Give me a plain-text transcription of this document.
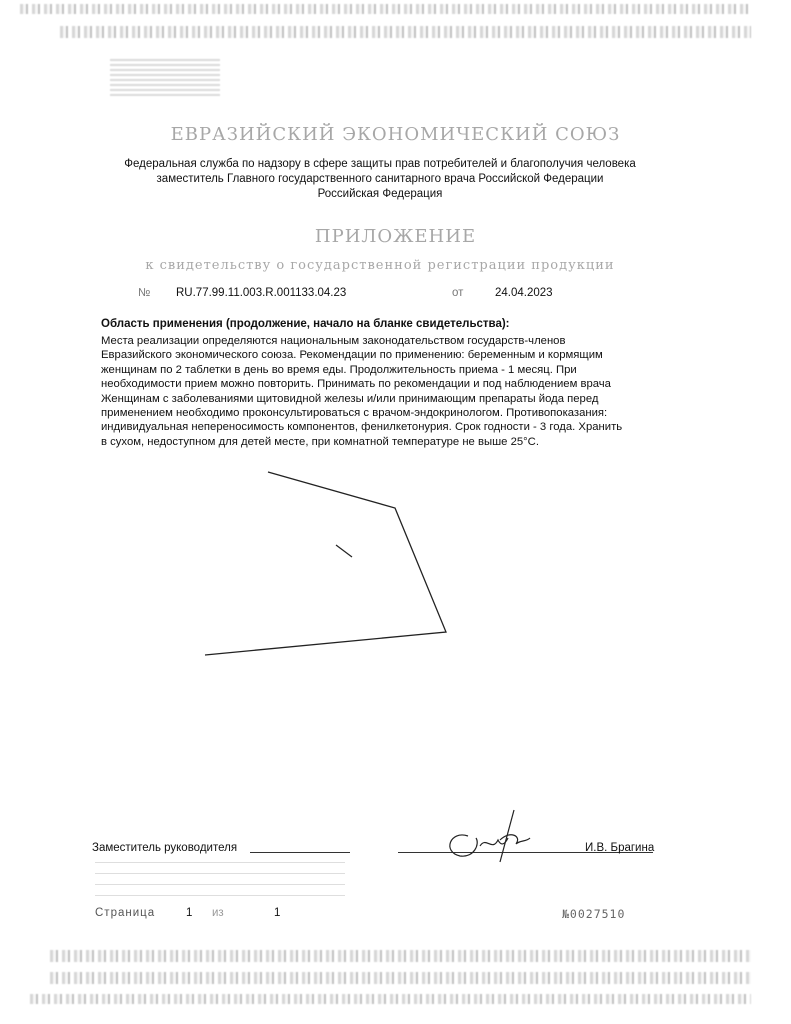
ЕВРАЗИЙСКИЙ ЭКОНОМИЧЕСКИЙ СОЮЗ
Федеральная служба по надзору в сфере защиты прав потребителей и благополучия человека
заместитель Главного государственного санитарного врача Российской Федерации
Российская Федерация
ПРИЛОЖЕНИЕ
к свидетельству о государственной регистрации продукции
№ RU.77.99.11.003.R.001133.04.23	от	24.04.2023
Область применения (продолжение, начало на бланке свидетельства):
Места реализации определяются национальным законодательством государств-членов
Евразийского экономического союза. Рекомендации по применению: беременным и кормящим
женщинам по 2 таблетки в день во время еды. Продолжительность приема - 1 месяц. При
необходимости прием можно повторить. Принимать по рекомендации и под наблюдением врача
Женщинам с заболеваниями щитовидной железы и/или принимающим препараты йода перед
применением необходимо проконсультироваться с врачом-эндокринологом. Противопоказания:
индивидуальная непереносимость компонентов, фенилкетонурия. Срок годности - 3 года. Хранить
в сухом, недоступном для детей месте, при комнатной температуре не выше 25°С.
Заместитель руководителя	И.В. Брагина
Страница	1 из	1	№0027510
